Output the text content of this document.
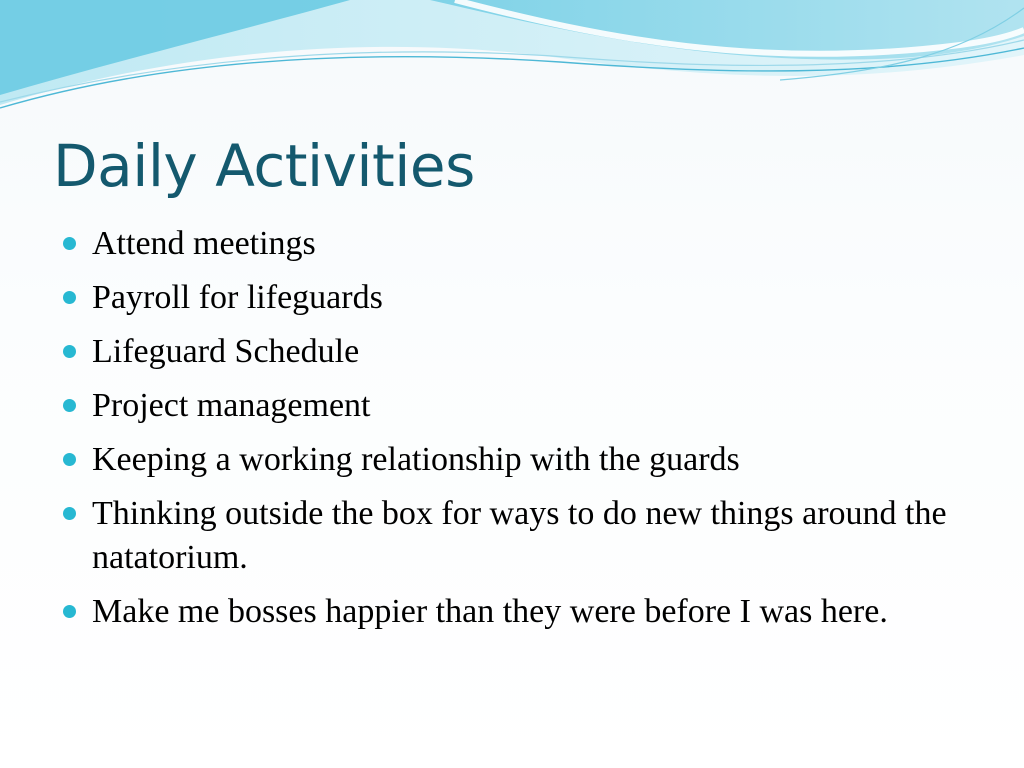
Daily Activities
Attend meetings
Payroll for lifeguards
Lifeguard Schedule
Project management
Keeping a working relationship with the guards
Thinking outside the box for ways to do new things around the natatorium.
Make me bosses happier than they were before I was here.
